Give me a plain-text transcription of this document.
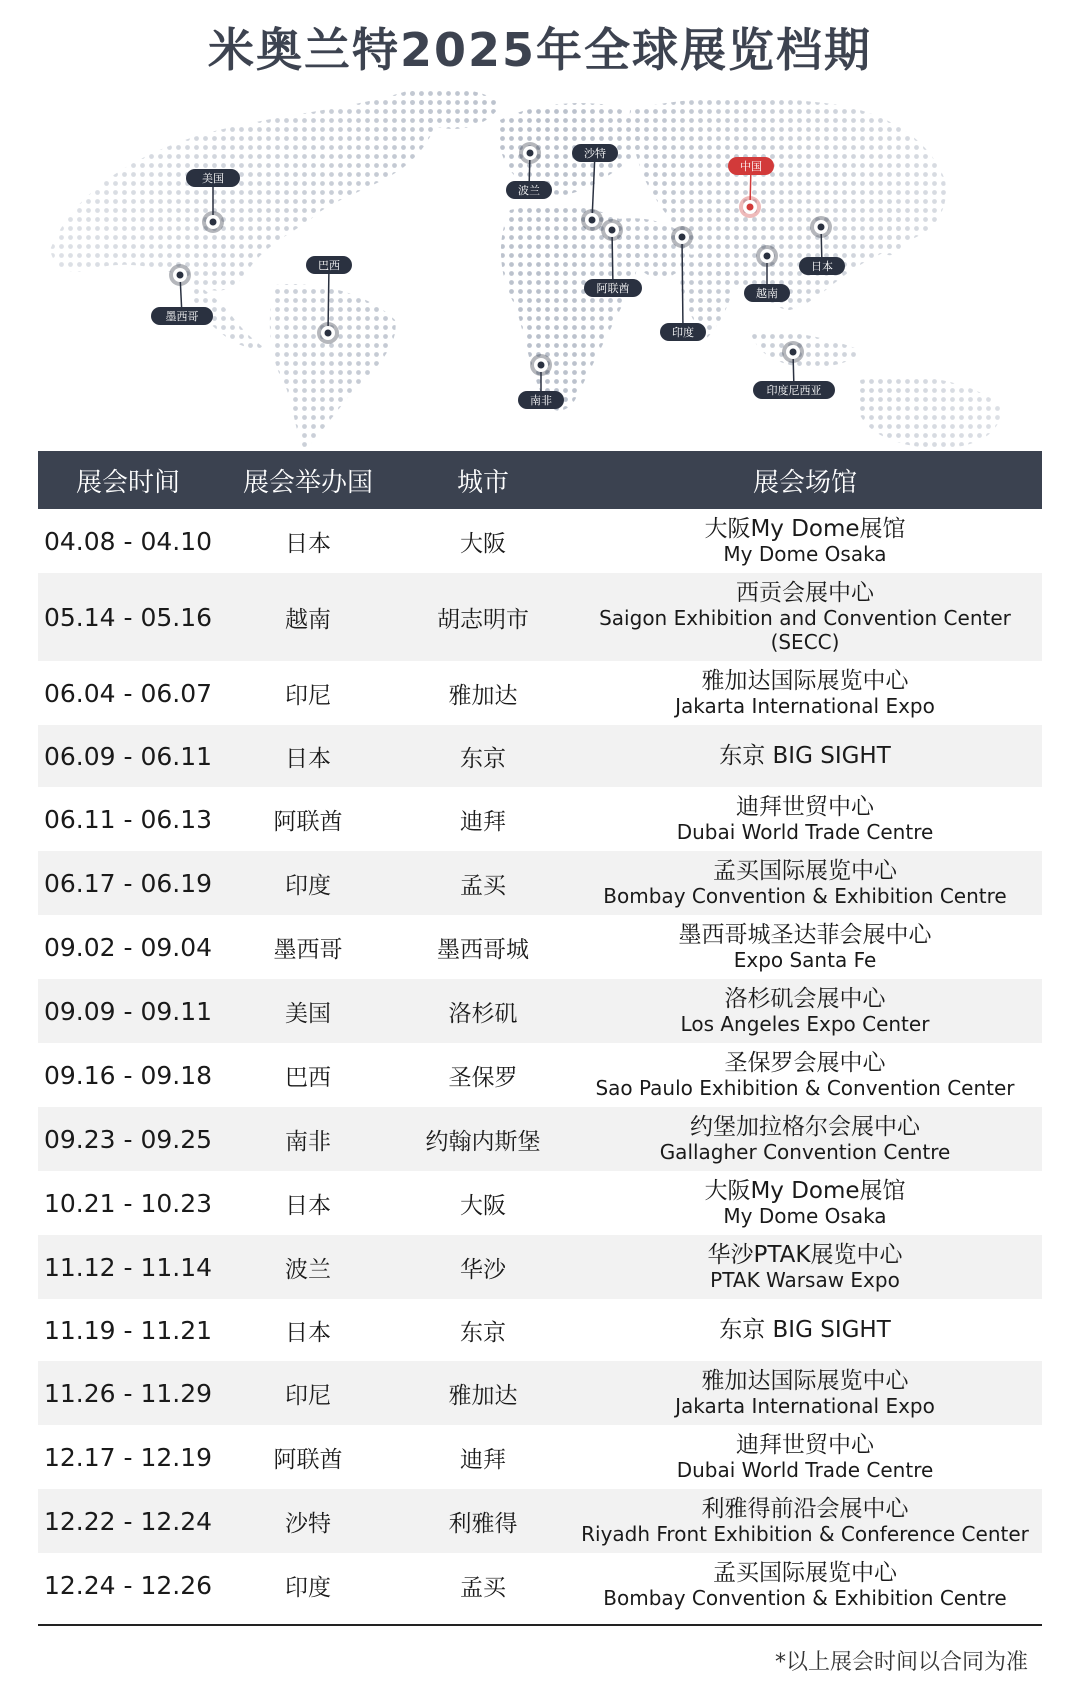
米奥兰特2025年全球展览档期
美国
墨西哥
巴西
波兰
沙特
阿联酋
南非
印度
中国
越南
日本
印度尼西亚
展会时间	展会举办国	城市	展会场馆
04.08 - 04.10	日本	大阪
大阪My Dome展馆
My Dome Osaka
05.14 - 05.16	越南	胡志明市
西贡会展中心
Saigon Exhibition and Convention Center (SECC)
06.04 - 06.07	印尼	雅加达
雅加达国际展览中心
Jakarta International Expo
06.09 - 06.11	日本	东京	东京 BIG SIGHT
06.11 - 06.13	阿联酋	迪拜
迪拜世贸中心
Dubai World Trade Centre
06.17 - 06.19	印度	孟买
孟买国际展览中心
Bombay Convention & Exhibition Centre
09.02 - 09.04	墨西哥	墨西哥城
墨西哥城圣达菲会展中心
Expo Santa Fe
09.09 - 09.11	美国	洛杉矶
洛杉矶会展中心
Los Angeles Expo Center
09.16 - 09.18	巴西	圣保罗
圣保罗会展中心
Sao Paulo Exhibition & Convention Center
09.23 - 09.25	南非	约翰内斯堡
约堡加拉格尔会展中心
Gallagher Convention Centre
10.21 - 10.23	日本	大阪
大阪My Dome展馆
My Dome Osaka
11.12 - 11.14	波兰	华沙
华沙PTAK展览中心
PTAK Warsaw Expo
11.19 - 11.21	日本	东京	东京 BIG SIGHT
11.26 - 11.29	印尼	雅加达
雅加达国际展览中心
Jakarta International Expo
12.17 - 12.19	阿联酋	迪拜
迪拜世贸中心
Dubai World Trade Centre
12.22 - 12.24	沙特	利雅得
利雅得前沿会展中心
Riyadh Front Exhibition & Conference Center
12.24 - 12.26	印度	孟买
孟买国际展览中心
Bombay Convention & Exhibition Centre
*以上展会时间以合同为准
